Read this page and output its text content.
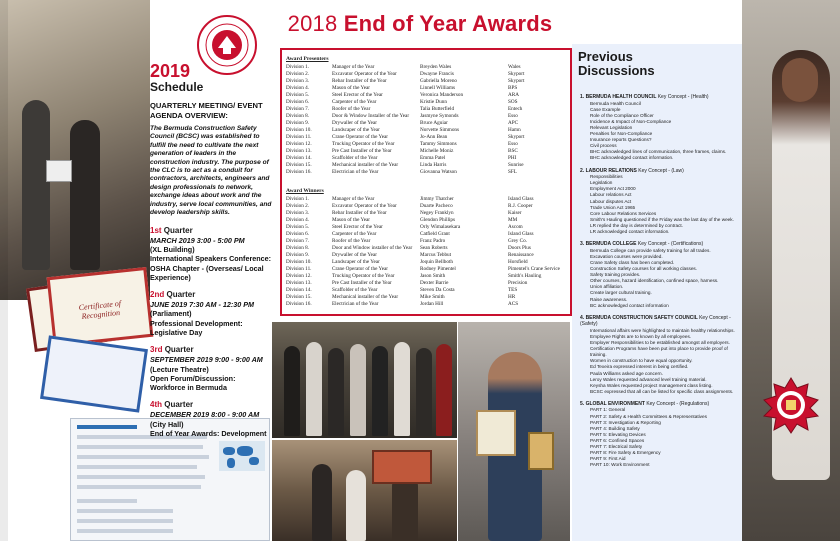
Certificate of Recognition
2018 End of Year Awards
2019
Schedule
QUARTERLY MEETING/ EVENT AGENDA OVERVIEW:
The Bermuda Construction Safety Council (BCSC) was established to fulfill the need to cultivate the next generation of leaders in the construction industry. The purpose of the CLC is to act as a conduit for contractors, architects, engineers and design professionals to network, exchange ideas about work and the industry, serve local communities, and develop leadership skills.
1st Quarter
MARCH 2019 3:00 - 5:00 PM
(XL Building)
International Speakers Conference: OSHA Chapter - (Overseas/ Local Experience)
2nd Quarter
JUNE 2019 7:30 AM - 12:30 PM
(Parliament)
Professional Development: Legislative Day
3rd Quarter
SEPTEMBER 2019 9:00 - 9:00 AM
(Lecture Theatre)
Open Forum/Discussion: Workforce in Bermuda
4th Quarter
DECEMBER 2019 8:00 - 9:00 AM
(City Hall)
End of Year Awards: Development
Award Presenters
Division 1.	Manager of the Year	Breyden Wales	Wales
Division 2.	Excavator Operator of the Year	Dwayne Francis	Skyport
Division 3.	Rebar Installer of the Year	Gabriella Moreno	Skyport
Division 4.	Mason of the Year	Linnell Williams	BPS
Division 5.	Steel Erector of the Year	Veronica Manderson	ARA
Division 6.	Carpenter of the Year	Kristie Dunn	SOS
Division 7.	Roofer of the Year	Talia Butterfield	Entech
Division 8.	Door & Window Installer of the Year	Jasmyne Symonds	Esso
Division 9.	Drywaller of the Year	Bruce Aguiar	APC
Division 10.	Landscaper of the Year	Norvette Simmons	Hamn
Division 11.	Crane Operator of the Year	Jo-Ann Bean	Skyport
Division 12.	Trucking Operator of the Year	Tammy Simmons	Esso
Division 13.	Pre Cast Installer of the Year	Michelle Moniz	BSC
Division 14.	Scaffolder of the Year	Emma Patel	PHI
Division 15.	Mechanical installer of the Year	Linda Harris	Sunrise
Division 16.	Electrician of the Year	Giovanna Watson	SFL
Award Winners
Division 1.	Manager of the Year	Jimmy Thatcher	Island Glass
Division 2.	Excavator Operator of the Year	Duarte Pacheco	R.J. Cooper
Division 3.	Rebar Installer of the Year	Negey Franklyn	Kaiser
Division 4.	Mason of the Year	Glendon Phillips	MM
Division 5.	Steel Erector of the Year	Orly Wimalasekara	Ascom
Division 6.	Carpenter of the Year	Catfield Grant	Island Glass
Division 7.	Roofer of the Year	Franz Padro	Grey Co.
Division 8.	Door and Window installer of the Year	Sean Roberts	Doors Plus
Division 9.	Drywaller of the Year	Marcus Tebbut	Renaissance
Division 10.	Landscaper of the Year	Joquin Bellboth	Horsfield
Division 11.	Crane Operator of the Year	Rodney Pimentel	Pimentel's Crane Service
Division 12.	Trucking Operator of the Year	Jason Smith	Smith's Hauling
Division 13.	Pre Cast Installer of the Year	Dexter Barrie	Precision
Division 14.	Scaffolder of the Year	Steven Da Costa	TES
Division 15.	Mechanical installer of the Year	Mike Smith	HR
Division 16.	Electrician of the Year	Jordan Hill	ACS
Previous
Discussions
1. BERMUDA HEALTH COUNCIL Key Concept - (Health)
Bermuda Health Council
Case Example
Role of the Compliance Officer
Incidence & Impact of Non-Compliance
Relevant Legislation
Penalties for Non-Compliance
Insurance reports Questions?
Civil process
BHC acknowledged lines of communication, three frames, claims.
BHC acknowledged contact information.
2. LABOUR RELATIONS Key Concept - (Law)
Responsibilities
Legislation
Employment Act 2000
Labour relations Act
Labour disputes Act
Trade Union Act 1965
Core Labour Relations Services
Smith's Hauling questioned if the Friday was the last day of the week.
LR replied the day is determined by contract.
LR acknowledged contact information.
3. BERMUDA COLLEGE Key Concept - (Certifications)
Bermuda College can provide safety training for all trades.
Excavation courses were provided.
Crane Safety class has been completed.
Construction Safety courses for all working classes.
Safety training provides.
Other courses, hazard identification, confined space, harness.
Union affiliation.
Create larger cultural training.
Raise awareness.
BC acknowledged contact information
4. BERMUDA CONSTRUCTION SAFETY COUNCIL Key Concept - (Safety)
International affairs were highlighted to maintain healthy relationships.
Employee Rights are to known by all employees.
Employer Responsibilities to be established amongst all employers.
Certification Programs have been put into place to provide proof of training.
Women in construction to have equal opportunity.
Ed Texeira expressed interest in being certified.
Paula Williams asked age concern.
Leroy Wales requested advanced level training material.
Keysha Wales requested project management class listing.
BCSC expressed that all can be listed for specific class assignments.
5. GLOBAL ENVIRONMENT Key Concept - (Regulations)
PART 1: General
PART 2: Safety & Health Committees & Representatives
PART 3: Investigation & Reporting
PART 4: Building Safety
PART 5: Elevating Devices
PART 6: Confined Spaces
PART 7: Electrical Safety
PART 8: Fire Safety & Emergency
PART 9: First Aid
PART 10: Work Environment
